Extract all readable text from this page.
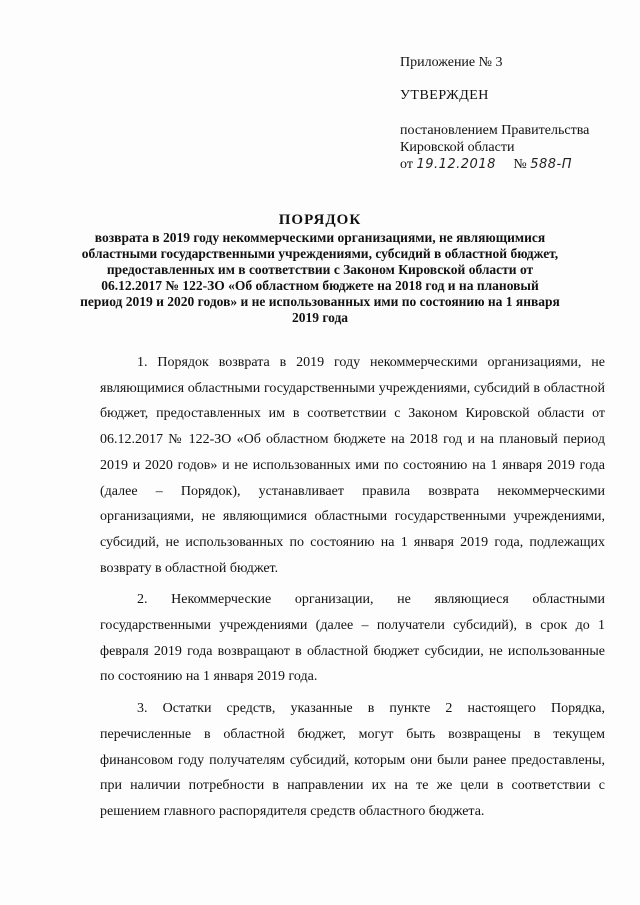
Приложение № 3
УТВЕРЖДЕН
постановлением Правительства
Кировской области
от 19.12.2018 № 588-П
ПОРЯДОК
возврата в 2019 году некоммерческими организациями, не являющимися областными государственными учреждениями, субсидий в областной бюджет, предоставленных им в соответствии с Законом Кировской области от 06.12.2017 № 122-ЗО «Об областном бюджете на 2018 год и на плановый период 2019 и 2020 годов» и не использованных ими по состоянию на 1 января 2019 года

1. Порядок возврата в 2019 году некоммерческими организациями, не являющимися областными государственными учреждениями, субсидий в областной бюджет, предоставленных им в соответствии с Законом Кировской области от 06.12.2017 № 122-ЗО «Об областном бюджете на 2018 год и на плановый период 2019 и 2020 годов» и не использованных ими по состоянию на 1 января 2019 года (далее – Порядок), устанавливает правила возврата некоммерческими организациями, не являющимися областными государственными учреждениями, субсидий, не использованных по состоянию на 1 января 2019 года, подлежащих возврату в областной бюджет.

2. Некоммерческие организации, не являющиеся областными государственными учреждениями (далее – получатели субсидий), в срок до 1 февраля 2019 года возвращают в областной бюджет субсидии, не использованные по состоянию на 1 января 2019 года.

3. Остатки средств, указанные в пункте 2 настоящего Порядка, перечисленные в областной бюджет, могут быть возвращены в текущем финансовом году получателям субсидий, которым они были ранее предоставлены, при наличии потребности в направлении их на те же цели в соответствии с решением главного распорядителя средств областного бюджета.
